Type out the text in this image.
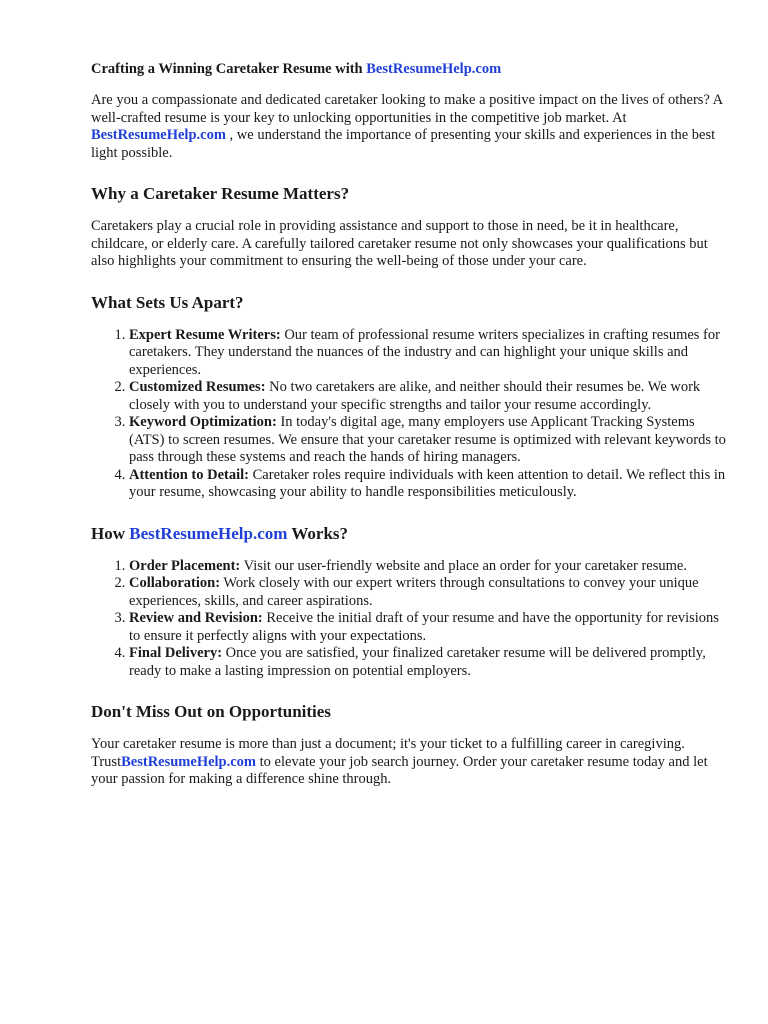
Crafting a Winning Caretaker Resume with BestResumeHelp.com

Are you a compassionate and dedicated caretaker looking to make a positive impact on the lives of others? A well-crafted resume is your key to unlocking opportunities in the competitive job market. At BestResumeHelp.com , we understand the importance of presenting your skills and experiences in the best light possible.

Why a Caretaker Resume Matters?

Caretakers play a crucial role in providing assistance and support to those in need, be it in healthcare, childcare, or elderly care. A carefully tailored caretaker resume not only showcases your qualifications but also highlights your commitment to ensuring the well-being of those under your care.

What Sets Us Apart?
1. Expert Resume Writers: Our team of professional resume writers specializes in crafting resumes for caretakers. They understand the nuances of the industry and can highlight your unique skills and experiences.
2. Customized Resumes: No two caretakers are alike, and neither should their resumes be. We work closely with you to understand your specific strengths and tailor your resume accordingly.
3. Keyword Optimization: In today's digital age, many employers use Applicant Tracking Systems (ATS) to screen resumes. We ensure that your caretaker resume is optimized with relevant keywords to pass through these systems and reach the hands of hiring managers.
4. Attention to Detail: Caretaker roles require individuals with keen attention to detail. We reflect this in your resume, showcasing your ability to handle responsibilities meticulously.
How BestResumeHelp.com Works?
1. Order Placement: Visit our user-friendly website and place an order for your caretaker resume.
2. Collaboration: Work closely with our expert writers through consultations to convey your unique experiences, skills, and career aspirations.
3. Review and Revision: Receive the initial draft of your resume and have the opportunity for revisions to ensure it perfectly aligns with your expectations.
4. Final Delivery: Once you are satisfied, your finalized caretaker resume will be delivered promptly, ready to make a lasting impression on potential employers.
Don't Miss Out on Opportunities

Your caretaker resume is more than just a document; it's your ticket to a fulfilling career in caregiving. TrustBestResumeHelp.com to elevate your job search journey. Order your caretaker resume today and let your passion for making a difference shine through.
